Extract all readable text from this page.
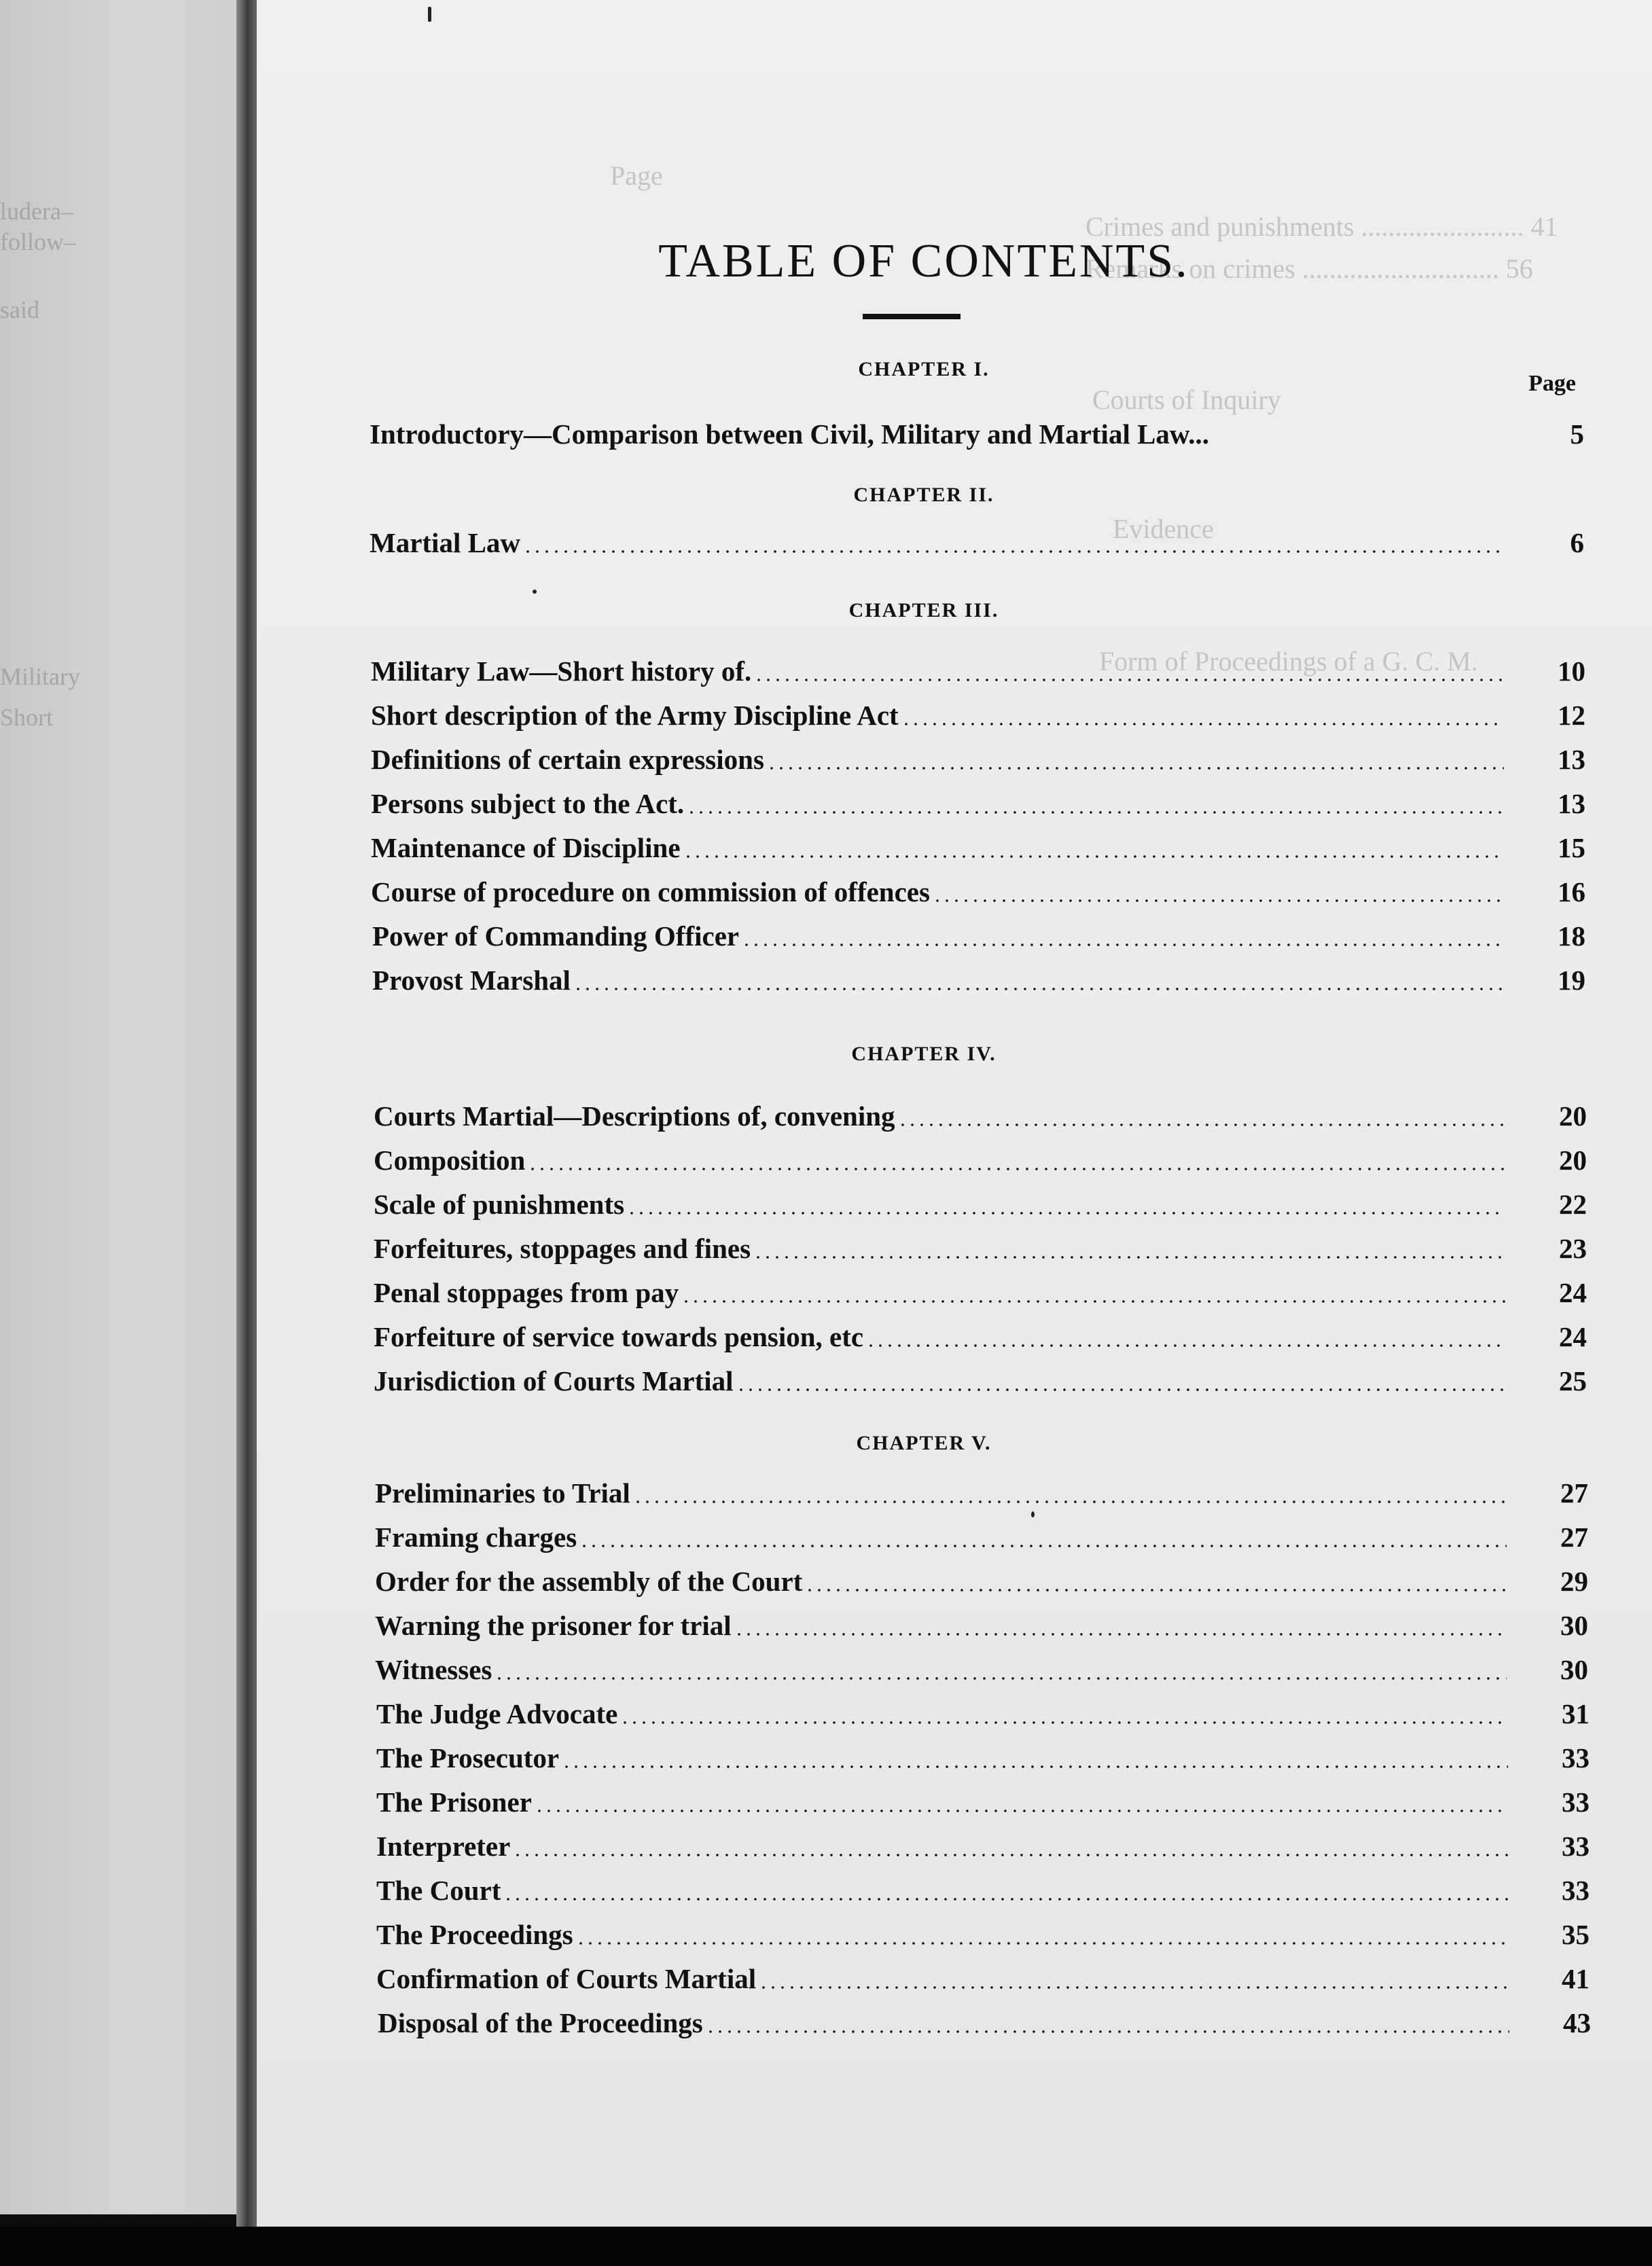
ludera–
follow–
said
Military
Short
Page
Crimes and punishments ........................ 41
Remarks on crimes ............................. 56
Courts of Inquiry
Evidence
Form of Proceedings of a G. C. M.
TABLE OF CONTENTS.
Page
CHAPTER I.
Introductory—Comparison between Civil, Military and Martial Law...	5
CHAPTER II.
Martial Law	6
CHAPTER III.
Military Law—Short history of.	10
Short description of the Army Discipline Act	12
Definitions of certain expressions	13
Persons subject to the Act.	13
Maintenance of Discipline	15
Course of procedure on commission of offences	16
Power of Commanding Officer	18
Provost Marshal	19
CHAPTER IV.
Courts Martial—Descriptions of, convening	20
Composition	20
Scale of punishments	22
Forfeitures, stoppages and fines	23
Penal stoppages from pay	24
Forfeiture of service towards pension, etc	24
Jurisdiction of Courts Martial	25
CHAPTER V.
Preliminaries to Trial	27
Framing charges	27
Order for the assembly of the Court	29
Warning the prisoner for trial	30
Witnesses	30
The Judge Advocate	31
The Prosecutor	33
The Prisoner	33
Interpreter	33
The Court	33
The Proceedings	35
Confirmation of Courts Martial	41
Disposal of the Proceedings	43
